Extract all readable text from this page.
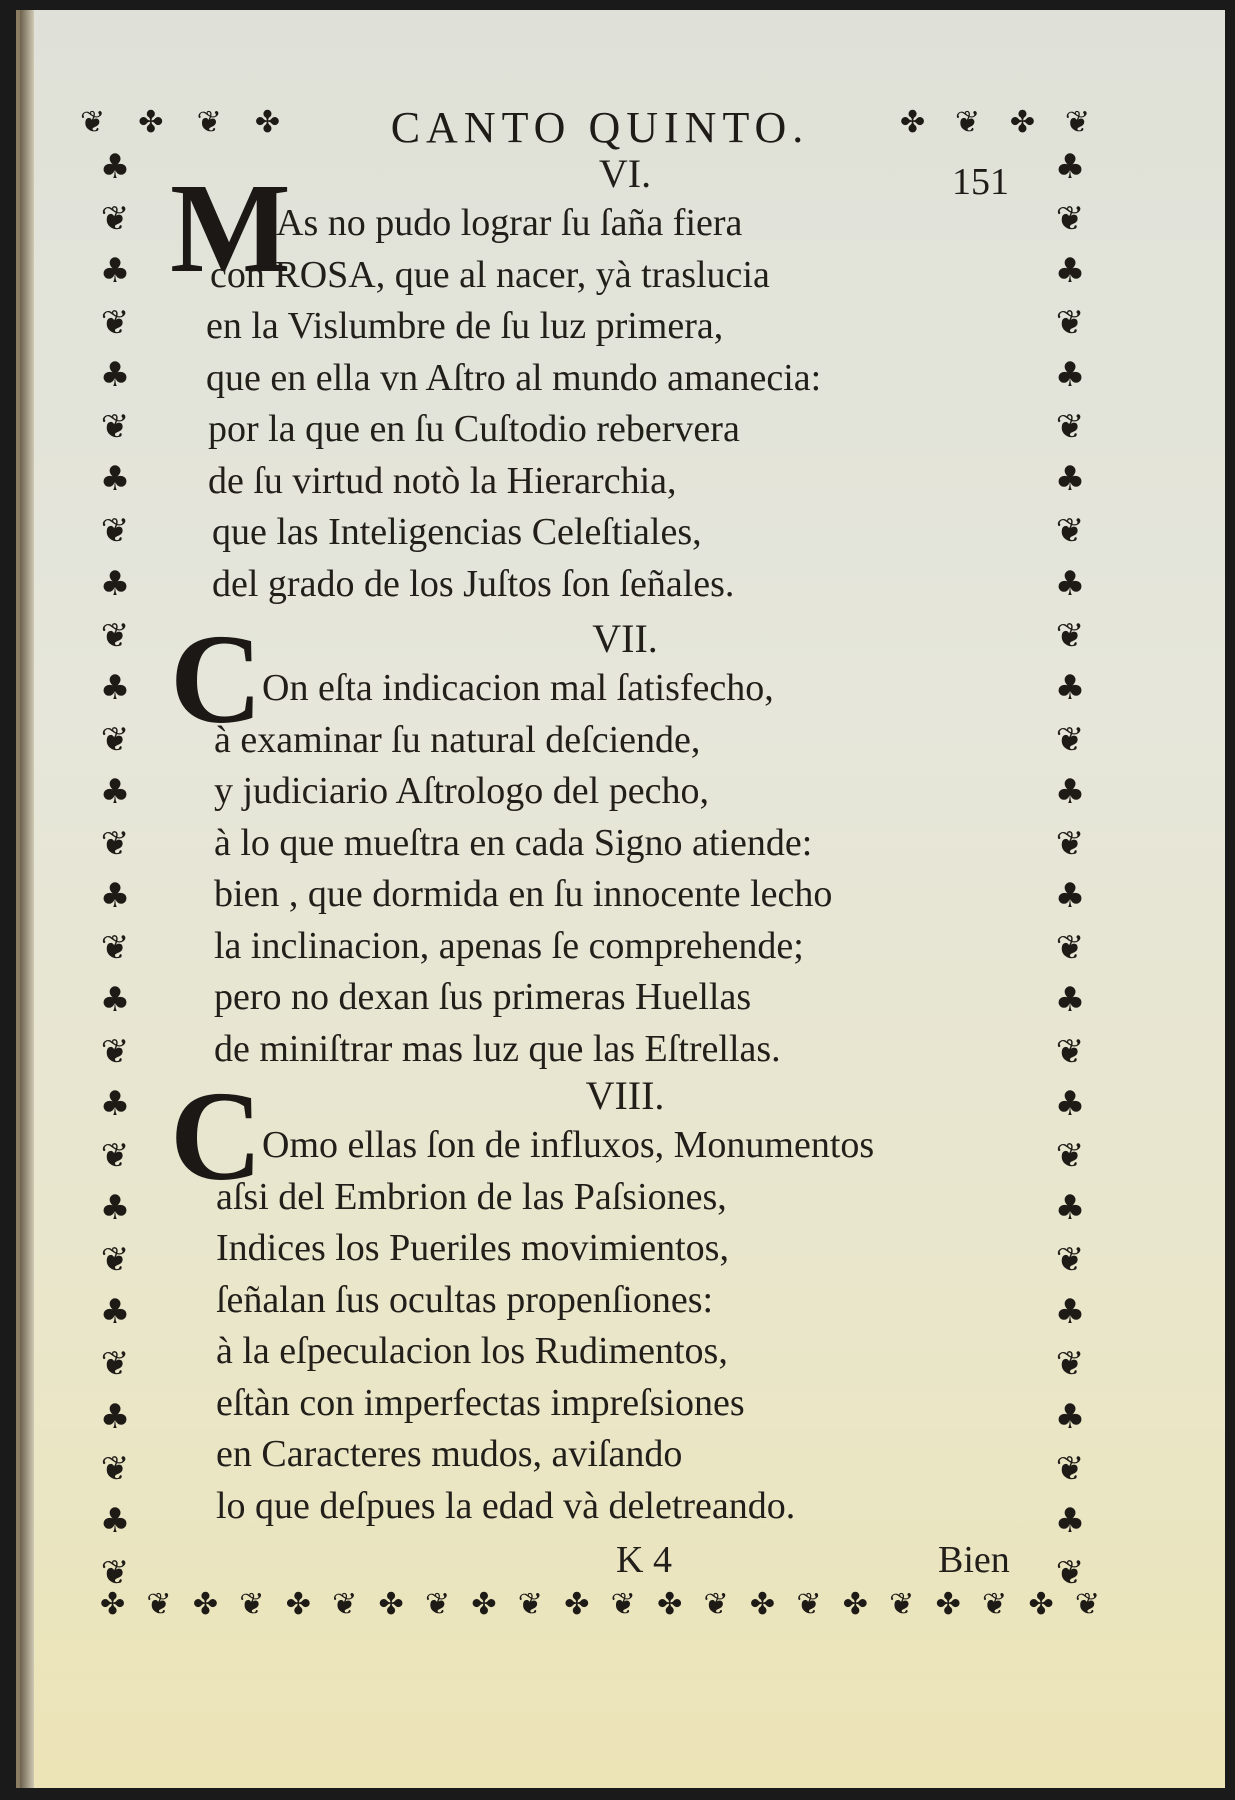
❦ ✤ ❦ ✤	✤ ❦ ✤ ❦
♣
❦
♣
❦
♣
❦
♣
❦
♣
❦
♣
❦
♣
❦
♣
❦
♣
❦
♣
❦
♣
❦
♣
❦
♣
❦
♣
❦
♣
❦
♣
❦
♣
❦
♣
❦
♣
❦
♣
❦
♣
❦
♣
❦
♣
❦
♣
❦
♣
❦
♣
❦
♣
❦
♣
❦
✤ ❦ ✤ ❦ ✤ ❦ ✤ ❦ ✤ ❦ ✤ ❦ ✤ ❦ ✤ ❦ ✤ ❦ ✤ ❦ ✤ ❦
CANTO QUINTO.
151
VI.
M
As no pudo lograr ſu ſaña fiera
con ROSA, que al nacer, yà traslucia
en la Vislumbre de ſu luz primera,
que en ella vn Aſtro al mundo amanecia:
por la que en ſu Cuſtodio rebervera
de ſu virtud notò la Hierarchia,
que las Inteligencias Celeſtiales,
del grado de los Juſtos ſon ſeñales.
VII.
C On eſta indicacion mal ſatisfecho,
à examinar ſu natural deſciende,
y judiciario Aſtrologo del pecho,
à lo que mueſtra en cada Signo atiende:
bien , que dormida en ſu innocente lecho
la inclinacion, apenas ſe comprehende;
pero no dexan ſus primeras Huellas
de miniſtrar mas luz que las Eſtrellas.
VIII.
C Omo ellas ſon de influxos, Monumentos
aſsi del Embrion de las Paſsiones,
Indices los Pueriles movimientos,
ſeñalan ſus ocultas propenſiones:
à la eſpeculacion los Rudimentos,
eſtàn con imperfectas impreſsiones
en Caracteres mudos, aviſando
lo que deſpues la edad và deletreando.
K 4	Bien
